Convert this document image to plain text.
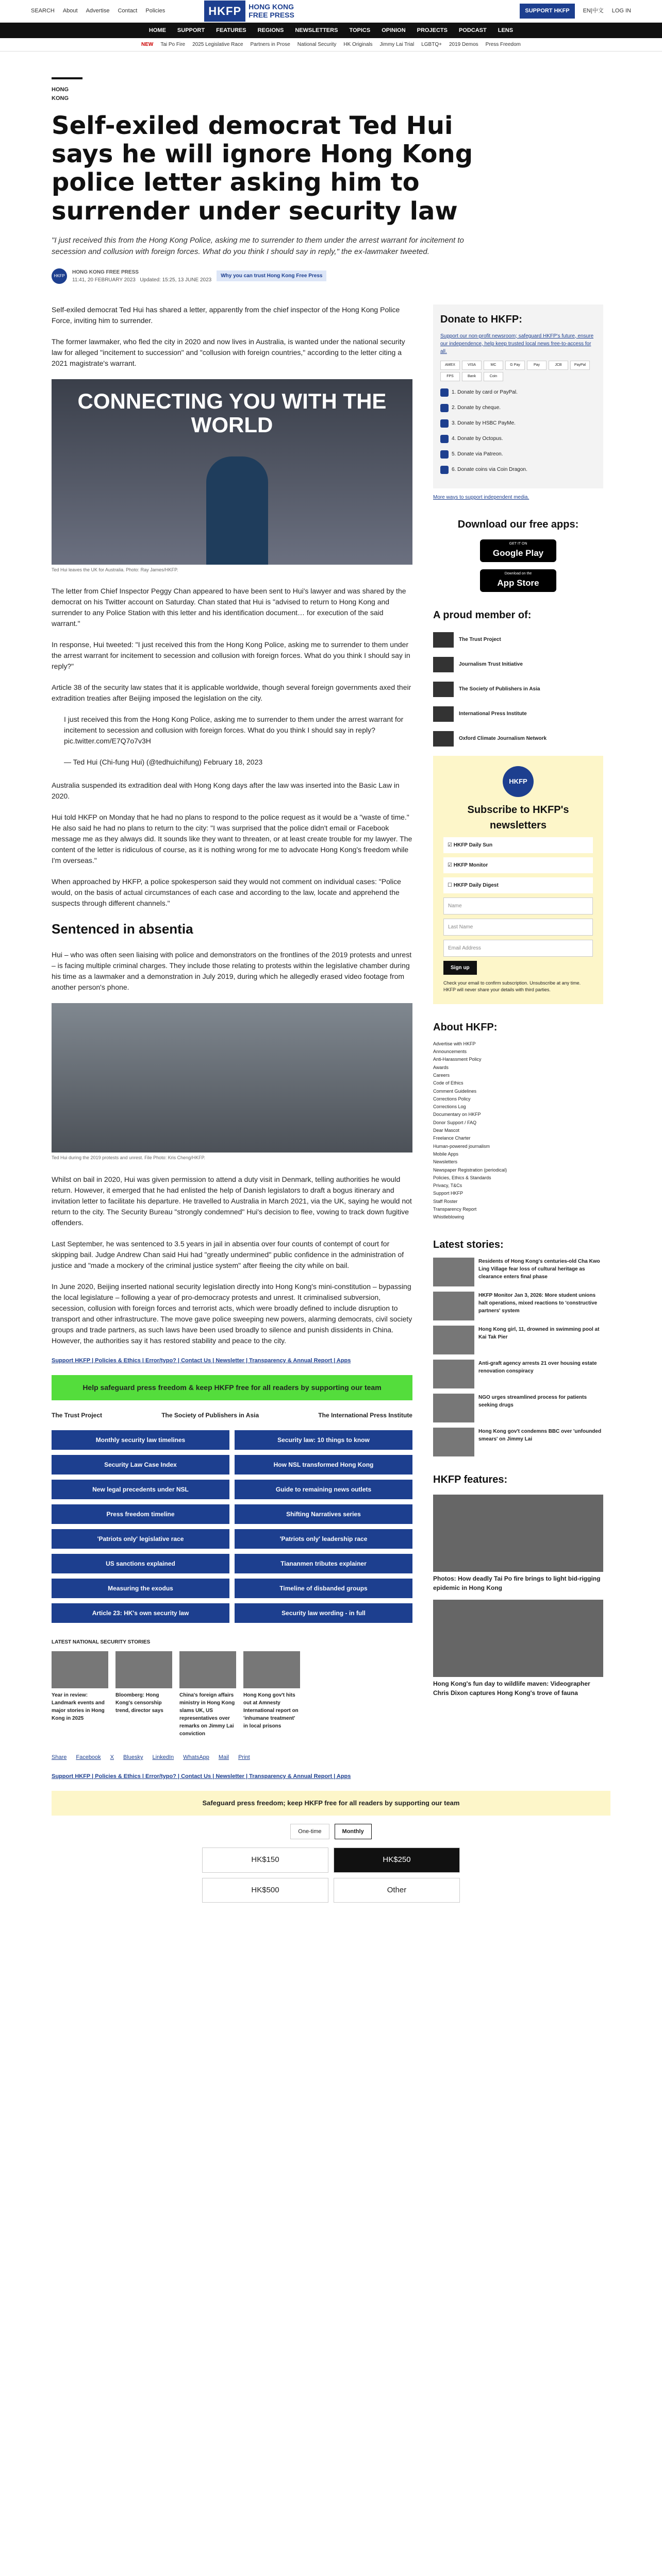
SEARCH About Advertise Contact Policies	HKFP	HONG KONG
FREE PRESS	SUPPORT HKFP	EN|中文 LOG IN
HOME SUPPORT FEATURES REGIONS NEWSLETTERS TOPICS OPINION PROJECTS PODCAST LENS
NEW Tai Po Fire 2025 Legislative Race Partners in Prose National Security HK Originals Jimmy Lai Trial LGBTQ+ 2019 Demos Press Freedom
HONG KONG
Self-exiled democrat Ted Hui says he will ignore Hong Kong police letter asking him to surrender under security law

"I just received this from the Hong Kong Police, asking me to surrender to them under the arrest warrant for incitement to secession and collusion with foreign forces. What do you think I should say in reply," the ex-lawmaker tweeted.

HKFP
HONG KONG FREE PRESS
11:41, 20 FEBRUARY 2023 Updated: 15:25, 13 JUNE 2023
Why you can trust Hong Kong Free Press

Self-exiled democrat Ted Hui has shared a letter, apparently from the chief inspector of the Hong Kong Police Force, inviting him to surrender.

The former lawmaker, who fled the city in 2020 and now lives in Australia, is wanted under the national security law for alleged "incitement to succession" and "collusion with foreign countries," according to the letter citing a 2021 magistrate's warrant.

CONNECTING YOU WITH THE WORLD
Ted Hui leaves the UK for Australia. Photo: Ray James/HKFP.

The letter from Chief Inspector Peggy Chan appeared to have been sent to Hui's lawyer and was shared by the democrat on his Twitter account on Saturday. Chan stated that Hui is "advised to return to Hong Kong and surrender to any Police Station with this letter and his identification document… for execution of the said warrant."

In response, Hui tweeted: "I just received this from the Hong Kong Police, asking me to surrender to them under the arrest warrant for incitement to secession and collusion with foreign forces. What do you think I should say in reply?"

Article 38 of the security law states that it is applicable worldwide, though several foreign governments axed their extradition treaties after Beijing imposed the legislation on the city.

I just received this from the Hong Kong Police, asking me to surrender to them under the arrest warrant for incitement to secession and collusion with foreign forces. What do you think I should say in reply? pic.twitter.com/E7Q7o7v3H

— Ted Hui (Chi-fung Hui) (@tedhuichifung) February 18, 2023

Australia suspended its extradition deal with Hong Kong days after the law was inserted into the Basic Law in 2020.

Hui told HKFP on Monday that he had no plans to respond to the police request as it would be a "waste of time." He also said he had no plans to return to the city: "I was surprised that the police didn't email or Facebook message me as they always did. It sounds like they want to threaten, or at least create trouble for my lawyer. The content of the letter is ridiculous of course, as it is nothing wrong for me to advocate Hong Kong's freedom while I'm overseas."

When approached by HKFP, a police spokesperson said they would not comment on individual cases: "Police would, on the basis of actual circumstances of each case and according to the law, locate and apprehend the suspects through different channels."

Sentenced in absentia

Hui – who was often seen liaising with police and demonstrators on the frontlines of the 2019 protests and unrest – is facing multiple criminal charges. They include those relating to protests within the legislative chamber during his time as a lawmaker and a demonstration in July 2019, during which he allegedly erased video footage from another person's phone.

Ted Hui during the 2019 protests and unrest. File Photo: Kris Cheng/HKFP.

Whilst on bail in 2020, Hui was given permission to attend a duty visit in Denmark, telling authorities he would return. However, it emerged that he had enlisted the help of Danish legislators to draft a bogus itinerary and invitation letter to facilitate his departure. He travelled to Australia in March 2021, via the UK, saying he would not return to the city. The Security Bureau "strongly condemned" Hui's decision to flee, vowing to track down fugitive offenders.

Last September, he was sentenced to 3.5 years in jail in absentia over four counts of contempt of court for skipping bail. Judge Andrew Chan said Hui had "greatly undermined" public confidence in the administration of justice and "made a mockery of the criminal justice system" after fleeing the city while on bail.

In June 2020, Beijing inserted national security legislation directly into Hong Kong's mini-constitution – bypassing the local legislature – following a year of pro-democracy protests and unrest. It criminalised subversion, secession, collusion with foreign forces and terrorist acts, which were broadly defined to include disruption to transport and other infrastructure. The move gave police sweeping new powers, alarming democrats, civil society groups and trade partners, as such laws have been used broadly to silence and punish dissidents in China. However, the authorities say it has restored stability and peace to the city.

Support HKFP | Policies & Ethics | Error/typo? | Contact Us | Newsletter | Transparency & Annual Report | Apps
Help safeguard press freedom & keep HKFP free for all readers by supporting our team
The Trust Project	The Society of Publishers in Asia	The International Press Institute
Monthly security law timelines	Security law: 10 things to know
Security Law Case Index	How NSL transformed Hong Kong
New legal precedents under NSL	Guide to remaining news outlets
Press freedom timeline	Shifting Narratives series
'Patriots only' legislative race	'Patriots only' leadership race
US sanctions explained	Tiananmen tributes explainer
Measuring the exodus	Timeline of disbanded groups
Article 23: HK's own security law	Security law wording - in full
LATEST NATIONAL SECURITY STORIES
Year in review: Landmark events and major stories in Hong Kong in 2025
Bloomberg: Hong Kong's censorship trend, director says
China's foreign affairs ministry in Hong Kong slams UK, US representatives over remarks on Jimmy Lai conviction
Hong Kong gov't hits out at Amnesty International report on 'inhumane treatment' in local prisons
Share Facebook X Bluesky LinkedIn WhatsApp Mail Print
Support HKFP | Policies & Ethics | Error/typo? | Contact Us | Newsletter | Transparency & Annual Report | Apps
Donate to HKFP:

Support our non-profit newsroom; safeguard HKFP's future, ensure our independence, help keep trusted local news free-to-access for all.

AMEX	VISA	MC	G Pay	Pay	JCB	PayPal
FPS	Bank	Coin
1. Donate by card or PayPal.
2. Donate by cheque.
3. Donate by HSBC PayMe.
4. Donate by Octopus.
5. Donate via Patreon.
6. Donate coins via Coin Dragon.

More ways to support independent media.

Download our free apps:
GET IT ON
Google Play
Download on the
App Store
A proud member of:
The Trust Project
Journalism Trust Initiative
The Society of Publishers in Asia
International Press Institute
Oxford Climate Journalism Network
HKFP
Subscribe to HKFP's newsletters
☑ HKFP Daily Sun
☑ HKFP Monitor
☐ HKFP Daily Digest
Name
Last Name
Email Address
Sign up

Check your email to confirm subscription. Unsubscribe at any time. HKFP will never share your details with third parties.

About HKFP:
Advertise with HKFP
Announcements
Anti-Harassment Policy
Awards
Careers
Code of Ethics
Comment Guidelines
Corrections Policy
Corrections Log
Documentary on HKFP
Donor Support / FAQ
Dear Mascot
Freelance Charter
Human-powered journalism
Mobile Apps
Newsletters
Newspaper Registration (periodical)
Policies, Ethics & Standards
Privacy, T&Cs
Support HKFP
Staff Roster
Transparency Report
Whistleblowing
Latest stories:
Residents of Hong Kong's centuries-old Cha Kwo Ling Village fear loss of cultural heritage as clearance enters final phase
HKFP Monitor Jan 3, 2026: More student unions halt operations, mixed reactions to 'constructive partners' system
Hong Kong girl, 11, drowned in swimming pool at Kai Tak Pier
Anti-graft agency arrests 21 over housing estate renovation conspiracy
NGO urges streamlined process for patients seeking drugs
Hong Kong gov't condemns BBC over 'unfounded smears' on Jimmy Lai
HKFP features:
Photos: How deadly Tai Po fire brings to light bid-rigging epidemic in Hong Kong
Hong Kong's fun day to wildlife maven: Videographer Chris Dixon captures Hong Kong's trove of fauna
Safeguard press freedom; keep HKFP free for all readers by supporting our team
One-time	Monthly
HK$150	HK$250
HK$500	Other
